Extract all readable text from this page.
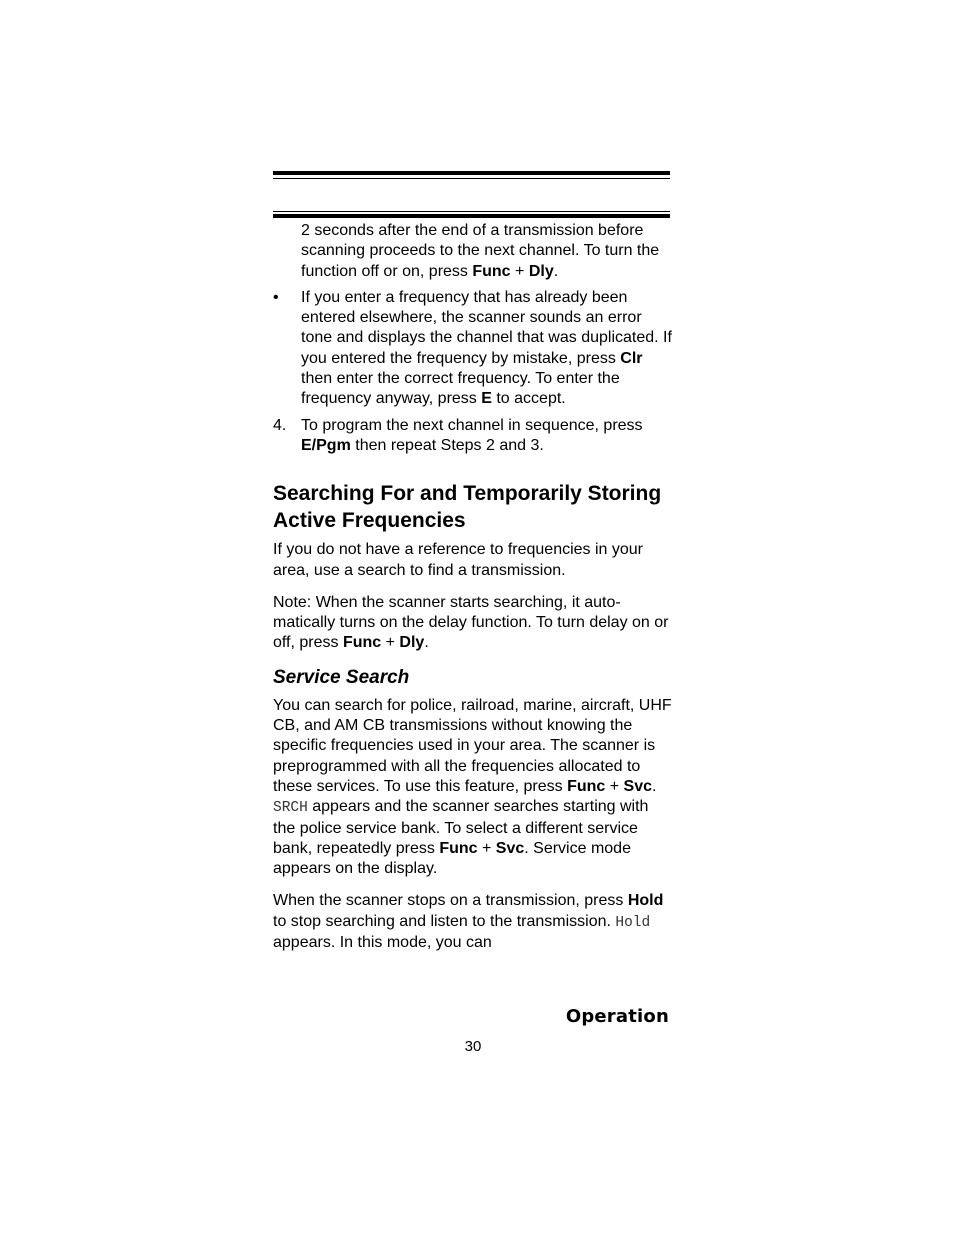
2 seconds after the end of a transmission before scanning proceeds to the next channel. To turn the function off or on, press Func + Dly.
• If you enter a frequency that has already been entered elsewhere, the scanner sounds an error tone and displays the channel that was duplicated. If you entered the frequency by mistake, press Clr then enter the correct frequency. To enter the frequency anyway, press E to accept.
4. To program the next channel in sequence, press E/Pgm then repeat Steps 2 and 3.
Searching For and Temporarily Storing Active Frequencies

If you do not have a reference to frequencies in your area, use a search to find a transmission.

Note: When the scanner starts searching, it auto-matically turns on the delay function. To turn delay on or off, press Func + Dly.

Service Search

You can search for police, railroad, marine, aircraft, UHF CB, and AM CB transmissions without knowing the specific frequencies used in your area. The scanner is preprogrammed with all the frequencies allocated to these services. To use this feature, press Func + Svc. SRCH appears and the scanner searches starting with the police service bank. To select a different service bank, repeatedly press Func + Svc. Service mode appears on the display.

When the scanner stops on a transmission, press Hold to stop searching and listen to the transmission. Hold appears. In this mode, you can

Operation
30
